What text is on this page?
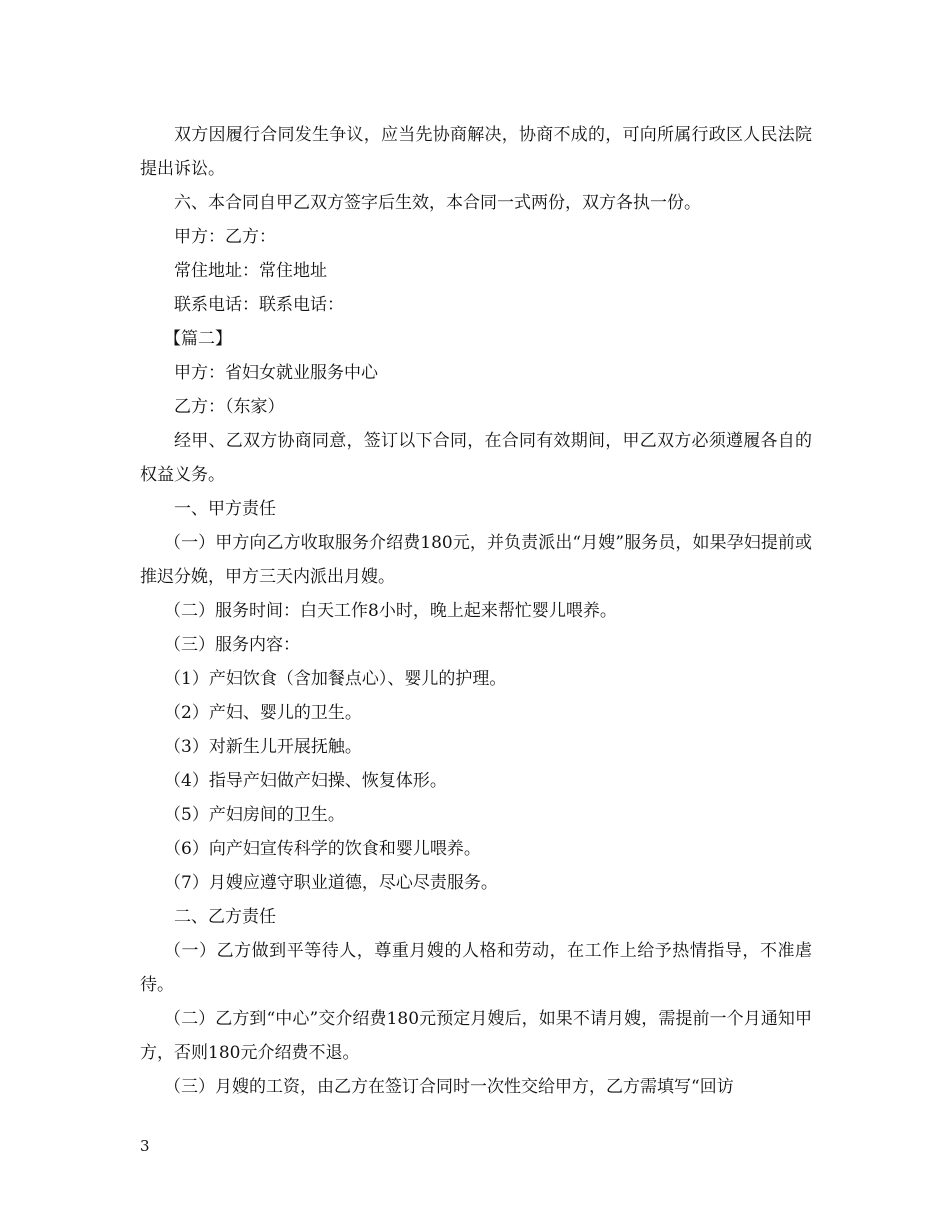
双方因履行合同发生争议，应当先协商解决，协商不成的，可向所属行政区人民法院提出诉讼。

六、本合同自甲乙双方签字后生效，本合同一式两份，双方各执一份。

甲方：乙方：

常住地址：常住地址

联系电话：联系电话：

【篇二】

甲方：省妇女就业服务中心

乙方：（东家）

经甲、乙双方协商同意，签订以下合同，在合同有效期间，甲乙双方必须遵履各自的权益义务。

一、甲方责任

（一）甲方向乙方收取服务介绍费180元，并负责派出“月嫂”服务员，如果孕妇提前或推迟分娩，甲方三天内派出月嫂。

（二）服务时间：白天工作8小时，晚上起来帮忙婴儿喂养。

（三）服务内容：

（1）产妇饮食（含加餐点心）、婴儿的护理。

（2）产妇、婴儿的卫生。

（3）对新生儿开展抚触。

（4）指导产妇做产妇操、恢复体形。

（5）产妇房间的卫生。

（6）向产妇宣传科学的饮食和婴儿喂养。

（7）月嫂应遵守职业道德，尽心尽责服务。

二、乙方责任

（一）乙方做到平等待人，尊重月嫂的人格和劳动，在工作上给予热情指导，不准虐待。

（二）乙方到“中心”交介绍费180元预定月嫂后，如果不请月嫂，需提前一个月通知甲方，否则180元介绍费不退。

（三）月嫂的工资，由乙方在签订合同时一次性交给甲方，乙方需填写“回访

3
